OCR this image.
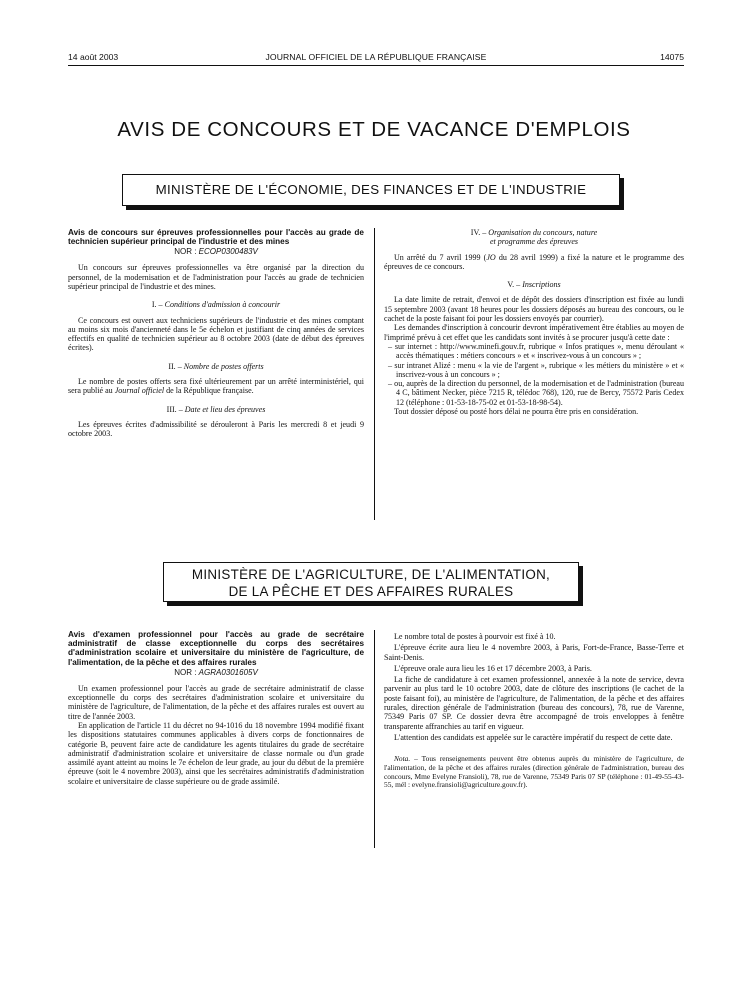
14 août 2003	JOURNAL OFFICIEL DE LA RÉPUBLIQUE FRANÇAISE	14075
AVIS DE CONCOURS ET DE VACANCE D'EMPLOIS
MINISTÈRE DE L'ÉCONOMIE, DES FINANCES ET DE L'INDUSTRIE

Avis de concours sur épreuves professionnelles pour l'accès au grade de technicien supérieur principal de l'industrie et des mines

NOR : ECOP0300483V

Un concours sur épreuves professionnelles va être organisé par la direction du personnel, de la modernisation et de l'administration pour l'accès au grade de technicien supérieur principal de l'industrie et des mines.

I. – Conditions d'admission à concourir

Ce concours est ouvert aux techniciens supérieurs de l'industrie et des mines comptant au moins six mois d'ancienneté dans le 5e échelon et justifiant de cinq années de services effectifs en qualité de technicien supérieur au 8 octobre 2003 (date de début des épreuves écrites).

II. – Nombre de postes offerts

Le nombre de postes offerts sera fixé ultérieurement par un arrêté interministériel, qui sera publié au Journal officiel de la République française.

III. – Date et lieu des épreuves

Les épreuves écrites d'admissibilité se dérouleront à Paris les mercredi 8 et jeudi 9 octobre 2003.

IV. – Organisation du concours, nature
et programme des épreuves

Un arrêté du 7 avril 1999 (JO du 28 avril 1999) a fixé la nature et le programme des épreuves de ce concours.

V. – Inscriptions

La date limite de retrait, d'envoi et de dépôt des dossiers d'inscription est fixée au lundi 15 septembre 2003 (avant 18 heures pour les dossiers déposés au bureau des concours, ou le cachet de la poste faisant foi pour les dossiers envoyés par courrier).

Les demandes d'inscription à concourir devront impérativement être établies au moyen de l'imprimé prévu à cet effet que les candidats sont invités à se procurer jusqu'à cette date :

– sur internet : http://www.minefi.gouv.fr, rubrique « Infos pratiques », menu déroulant « accès thématiques : métiers concours » et « inscrivez-vous à un concours » ;
– sur intranet Alizé : menu « la vie de l'argent », rubrique « les métiers du ministère » et « inscrivez-vous à un concours » ;
– ou, auprès de la direction du personnel, de la modernisation et de l'administration (bureau 4 C, bâtiment Necker, pièce 7215 R, télédoc 768), 120, rue de Bercy, 75572 Paris Cedex 12 (téléphone : 01-53-18-75-02 et 01-53-18-98-54).

Tout dossier déposé ou posté hors délai ne pourra être pris en considération.

MINISTÈRE DE L'AGRICULTURE, DE L'ALIMENTATION,
DE LA PÊCHE ET DES AFFAIRES RURALES

Avis d'examen professionnel pour l'accès au grade de secrétaire administratif de classe exceptionnelle du corps des secrétaires d'administration scolaire et universitaire du ministère de l'agriculture, de l'alimentation, de la pêche et des affaires rurales

NOR : AGRA0301605V

Un examen professionnel pour l'accès au grade de secrétaire administratif de classe exceptionnelle du corps des secrétaires d'administration scolaire et universitaire du ministère de l'agriculture, de l'alimentation, de la pêche et des affaires rurales est ouvert au titre de l'année 2003.

En application de l'article 11 du décret no 94-1016 du 18 novembre 1994 modifié fixant les dispositions statutaires communes applicables à divers corps de fonctionnaires de catégorie B, peuvent faire acte de candidature les agents titulaires du grade de secrétaire administratif d'administration scolaire et universitaire de classe normale ou d'un grade assimilé ayant atteint au moins le 7e échelon de leur grade, au jour du début de la première épreuve (soit le 4 novembre 2003), ainsi que les secrétaires administratifs d'administration scolaire et universitaire de classe supérieure ou de grade assimilé.

Le nombre total de postes à pourvoir est fixé à 10.

L'épreuve écrite aura lieu le 4 novembre 2003, à Paris, Fort-de-France, Basse-Terre et Saint-Denis.

L'épreuve orale aura lieu les 16 et 17 décembre 2003, à Paris.

La fiche de candidature à cet examen professionnel, annexée à la note de service, devra parvenir au plus tard le 10 octobre 2003, date de clôture des inscriptions (le cachet de la poste faisant foi), au ministère de l'agriculture, de l'alimentation, de la pêche et des affaires rurales, direction générale de l'administration (bureau des concours), 78, rue de Varenne, 75349 Paris 07 SP. Ce dossier devra être accompagné de trois enveloppes à fenêtre transparente affranchies au tarif en vigueur.

L'attention des candidats est appelée sur le caractère impératif du respect de cette date.

Nota. – Tous renseignements peuvent être obtenus auprès du ministère de l'agriculture, de l'alimentation, de la pêche et des affaires rurales (direction générale de l'administration, bureau des concours, Mme Evelyne Fransioli), 78, rue de Varenne, 75349 Paris 07 SP (téléphone : 01-49-55-43-55, mél : evelyne.fransioli@agriculture.gouv.fr).
